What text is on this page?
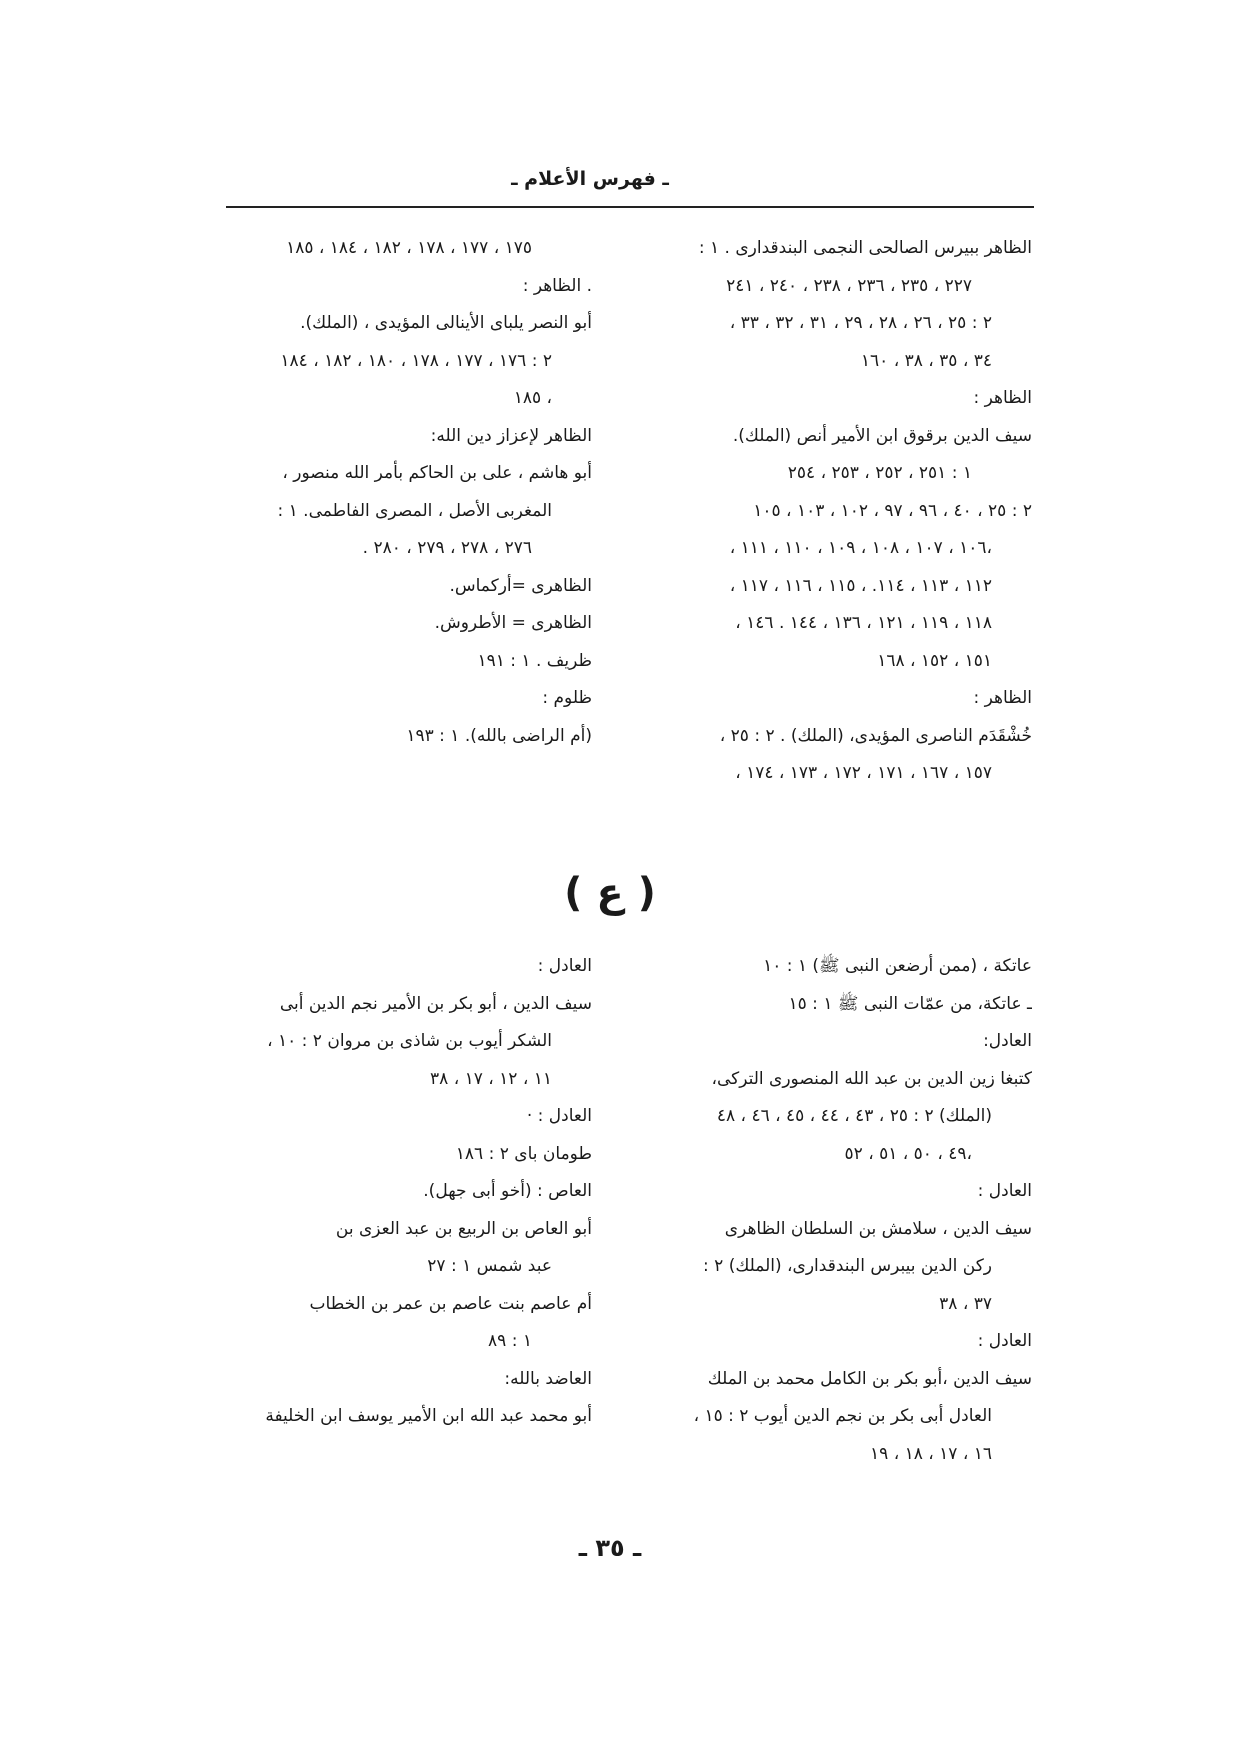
ـ فهرس الأعلام ـ
الظاهر ببيرس الصالحى النجمى البندقدارى . ١ :
٢٢٧ ، ٢٣٥ ، ٢٣٦ ، ٢٣٨ ، ٢٤٠ ، ٢٤١
٢ : ٢٥ ، ٢٦ ، ٢٨ ، ٢٩ ، ٣١ ، ٣٢ ، ٣٣ ،
٣٤ ، ٣٥ ، ٣٨ ، ١٦٠
الظاهر :
سيف الدين برقوق ابن الأمير أنص (الملك).
١ : ٢٥١ ، ٢٥٢ ، ٢٥٣ ، ٢٥٤
٢ : ٢٥ ، ٤٠ ، ٩٦ ، ٩٧ ، ١٠٢ ، ١٠٣ ، ١٠٥
،١٠٦ ، ١٠٧ ، ١٠٨ ، ١٠٩ ، ١١٠ ، ١١١ ،
١١٢ ، ١١٣ ، ١١٤. ، ١١٥ ، ١١٦ ، ١١٧ ،
١١٨ ، ١١٩ ، ١٢١ ، ١٣٦ ، ١٤٤ . ١٤٦ ،
١٥١ ، ١٥٢ ، ١٦٨
الظاهر :
خُشْقَدَم الناصرى المؤيدى، (الملك) . ٢ : ٢٥ ،
١٥٧ ، ١٦٧ ، ١٧١ ، ١٧٢ ، ١٧٣ ، ١٧٤ ،
١٧٥ ، ١٧٧ ، ١٧٨ ، ١٨٢ ، ١٨٤ ، ١٨٥
. الظاهر :
أبو النصر يلباى الأينالى المؤيدى ، (الملك).
٢ : ١٧٦ ، ١٧٧ ، ١٧٨ ، ١٨٠ ، ١٨٢ ، ١٨٤
، ١٨٥
الظاهر لإعزاز دين الله:
أبو هاشم ، على بن الحاكم بأمر الله منصور ،
المغربى الأصل ، المصرى الفاطمى. ١ :
٢٧٦ ، ٢٧٨ ، ٢٧٩ ، ٢٨٠ .
الظاهرى =أركماس.
الظاهرى = الأطروش.
ظريف . ١ : ١٩١
ظلوم :
(أم الراضى بالله). ١ : ١٩٣
( ع )
عاتكة ، (ممن أرضعن النبى ﷺ) ١ : ١٠
ـ عاتكة، من عمّات النبى ﷺ ١ : ١٥
العادل:
كتبغا زين الدين بن عبد الله المنصورى التركى،
(الملك) ٢ : ٢٥ ، ٤٣ ، ٤٤ ، ٤٥ ، ٤٦ ، ٤٨
،٤٩ ، ٥٠ ، ٥١ ، ٥٢
العادل :
سيف الدين ، سلامش بن السلطان الظاهرى
ركن الدين بيبرس البندقدارى، (الملك) ٢ :
٣٧ ، ٣٨
العادل :
سيف الدين ،أبو بكر بن الكامل محمد بن الملك
العادل أبى بكر بن نجم الدين أيوب ٢ : ١٥ ،
١٦ ، ١٧ ، ١٨ ، ١٩
العادل :
سيف الدين ، أبو بكر بن الأمير نجم الدين أبى
الشكر أيوب بن شاذى بن مروان ٢ : ١٠ ،
١١ ، ١٢ ، ١٧ ، ٣٨
العادل : ·
طومان باى ٢ : ١٨٦
العاص : (أخو أبى جهل).
أبو العاص بن الربيع بن عبد العزى بن
عبد شمس ١ : ٢٧
أم عاصم بنت عاصم بن عمر بن الخطاب
١ : ٨٩
العاضد بالله:
أبو محمد عبد الله ابن الأمير يوسف ابن الخليفة
ـ ٣٥ ـ
